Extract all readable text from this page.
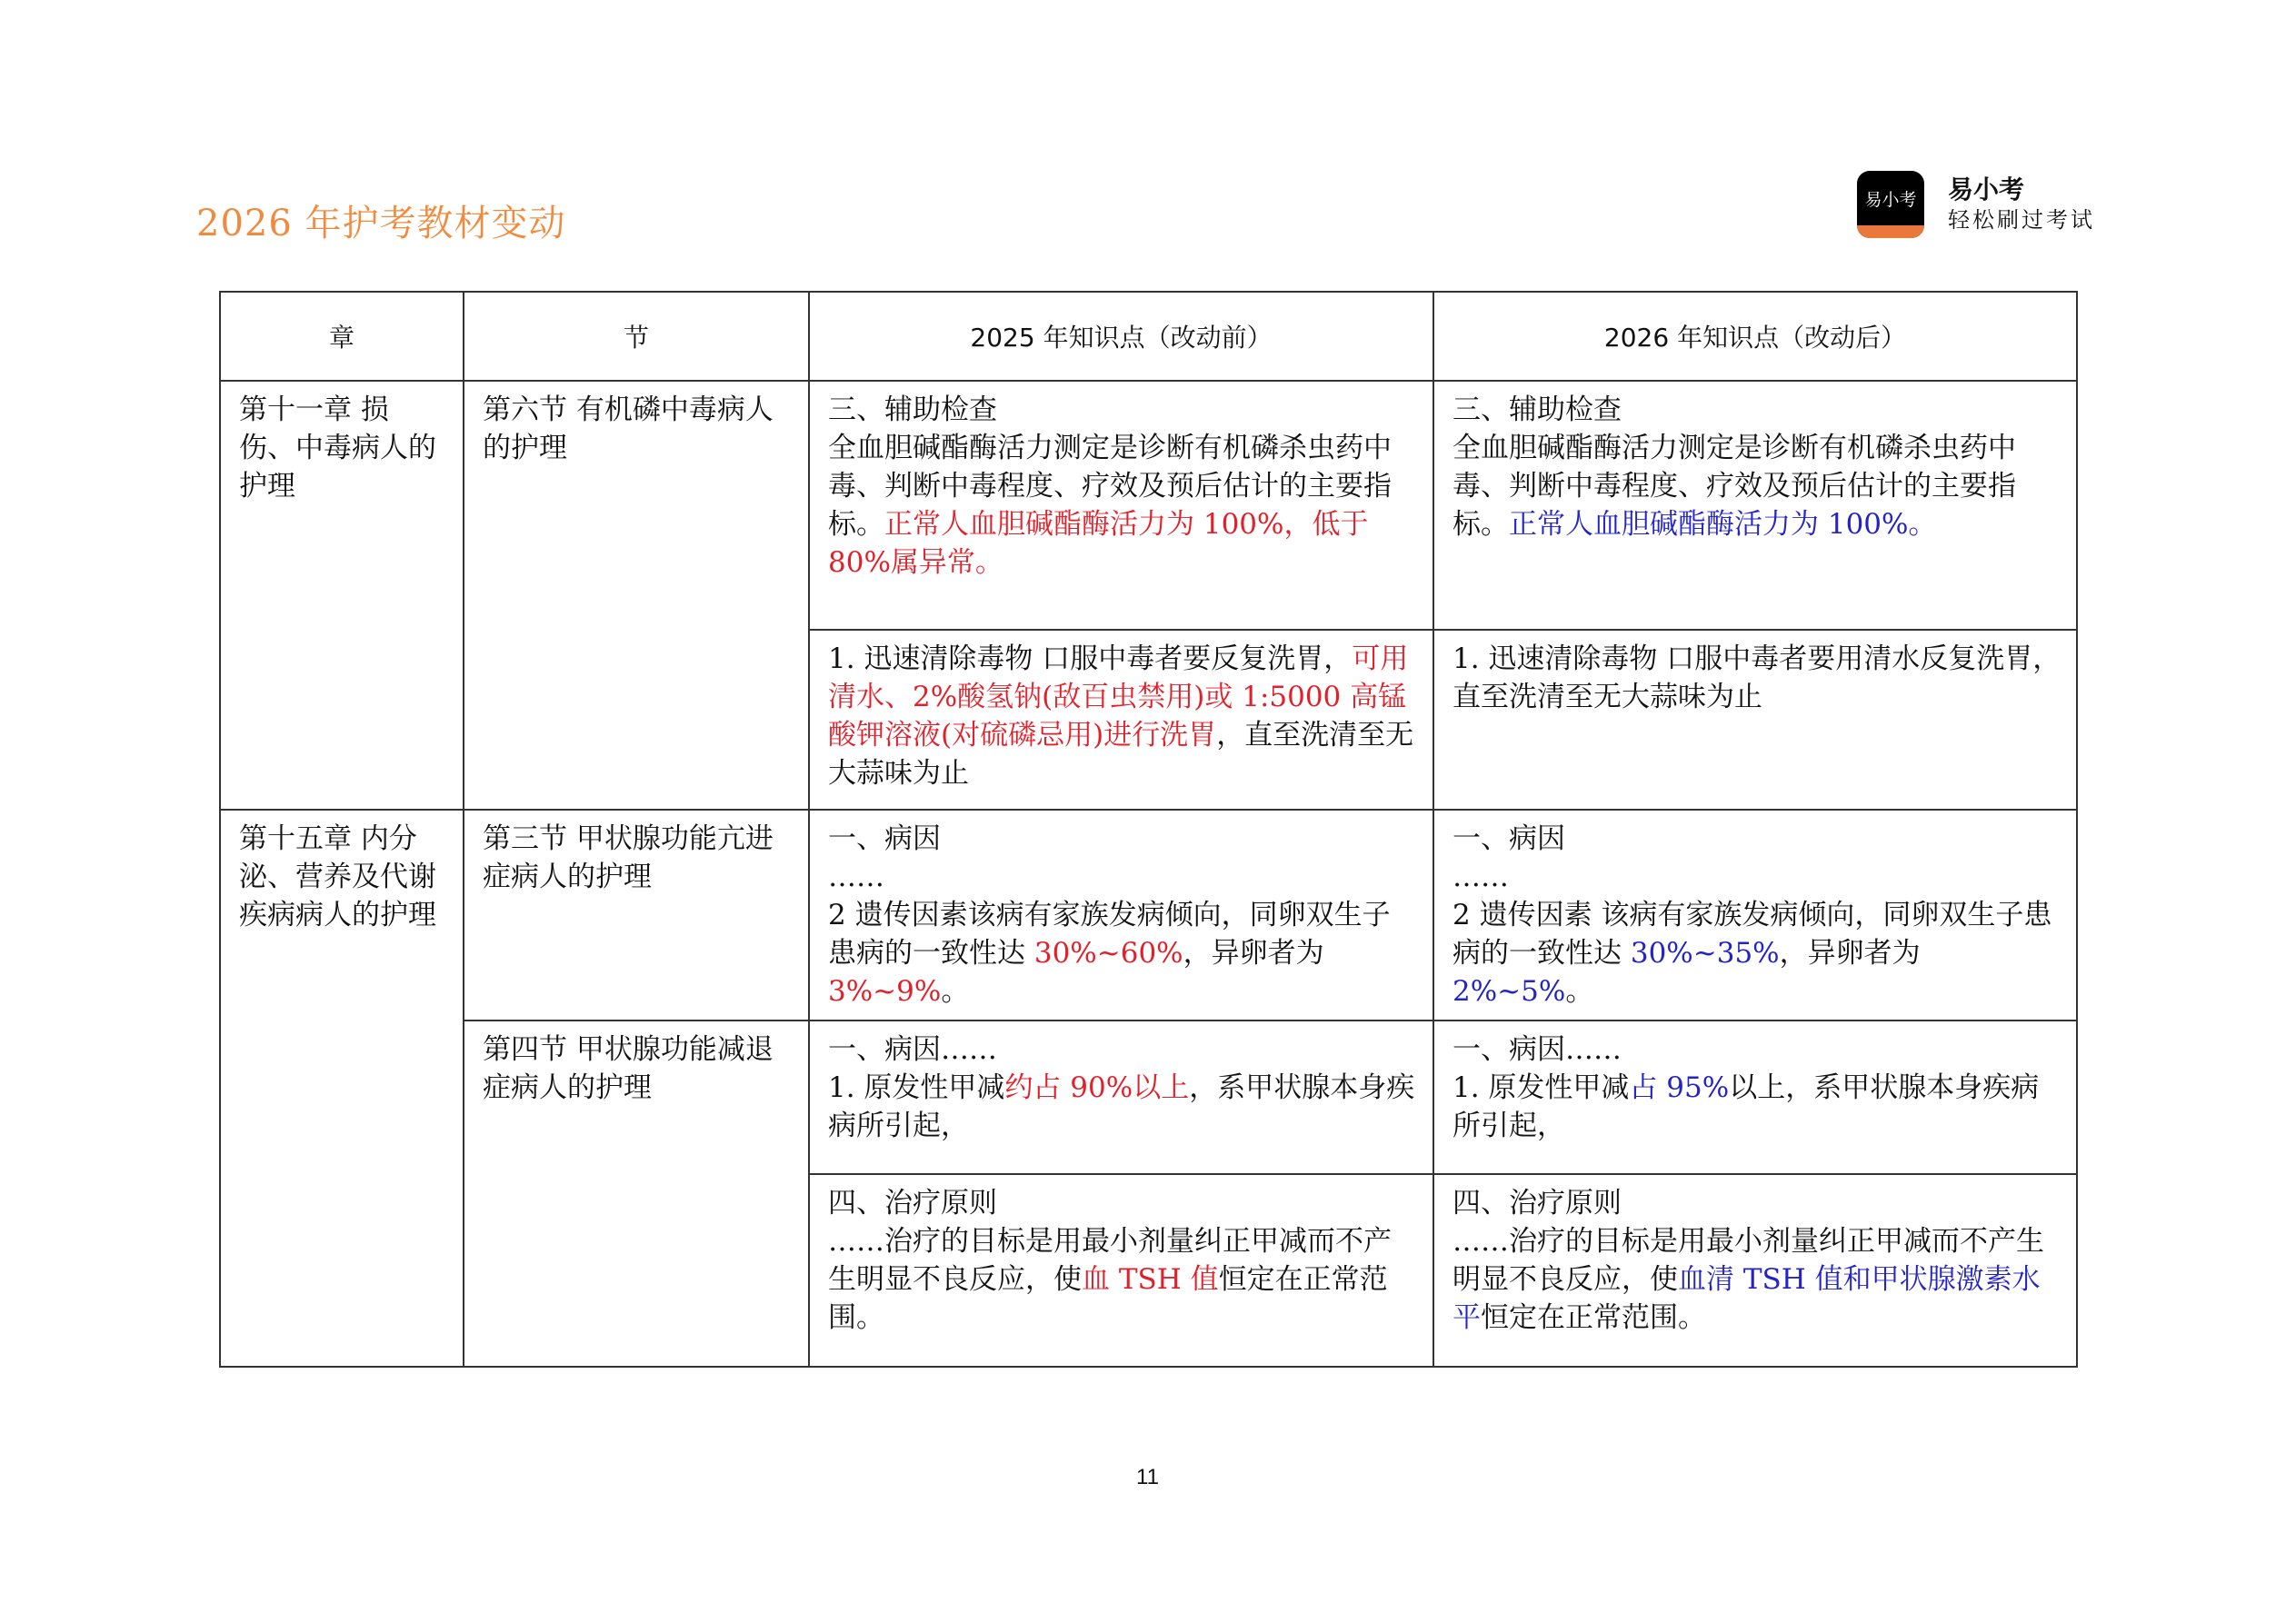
2026 年护考教材变动
易小考	易小考
轻松刷过考试
章	节	2025 年知识点（改动前）	2026 年知识点（改动后）

第十一章 损伤、中毒病人的护理	第六节 有机磷中毒病人的护理	三、辅助检查
全血胆碱酯酶活力测定是诊断有机磷杀虫药中毒、判断中毒程度、疗效及预后估计的主要指标。正常人血胆碱酯酶活力为 100%，低于 80%属异常。	三、辅助检查
全血胆碱酯酶活力测定是诊断有机磷杀虫药中毒、判断中毒程度、疗效及预后估计的主要指标。正常人血胆碱酯酶活力为 100%。

		1. 迅速清除毒物 口服中毒者要反复洗胃，可用清水、2%酸氢钠(敌百虫禁用)或 1:5000 高锰酸钾溶液(对硫磷忌用)进行洗胃，直至洗清至无大蒜味为止	1. 迅速清除毒物 口服中毒者要用清水反复洗胃，直至洗清至无大蒜味为止

第十五章 内分泌、营养及代谢疾病病人的护理	第三节 甲状腺功能亢进症病人的护理	一、病因
……
2 遗传因素该病有家族发病倾向，同卵双生子患病的一致性达 30%~60%，异卵者为 3%~9%。	一、病因
……
2 遗传因素 该病有家族发病倾向，同卵双生子患病的一致性达 30%~35%，异卵者为 2%~5%。

	第四节 甲状腺功能减退症病人的护理	一、病因……
1. 原发性甲减约占 90%以上，系甲状腺本身疾病所引起，	一、病因……
1. 原发性甲减占 95%以上，系甲状腺本身疾病所引起，

		四、治疗原则
……治疗的目标是用最小剂量纠正甲减而不产生明显不良反应，使血 TSH 值恒定在正常范围。	四、治疗原则
……治疗的目标是用最小剂量纠正甲减而不产生明显不良反应，使血清 TSH 值和甲状腺激素水平恒定在正常范围。
11
